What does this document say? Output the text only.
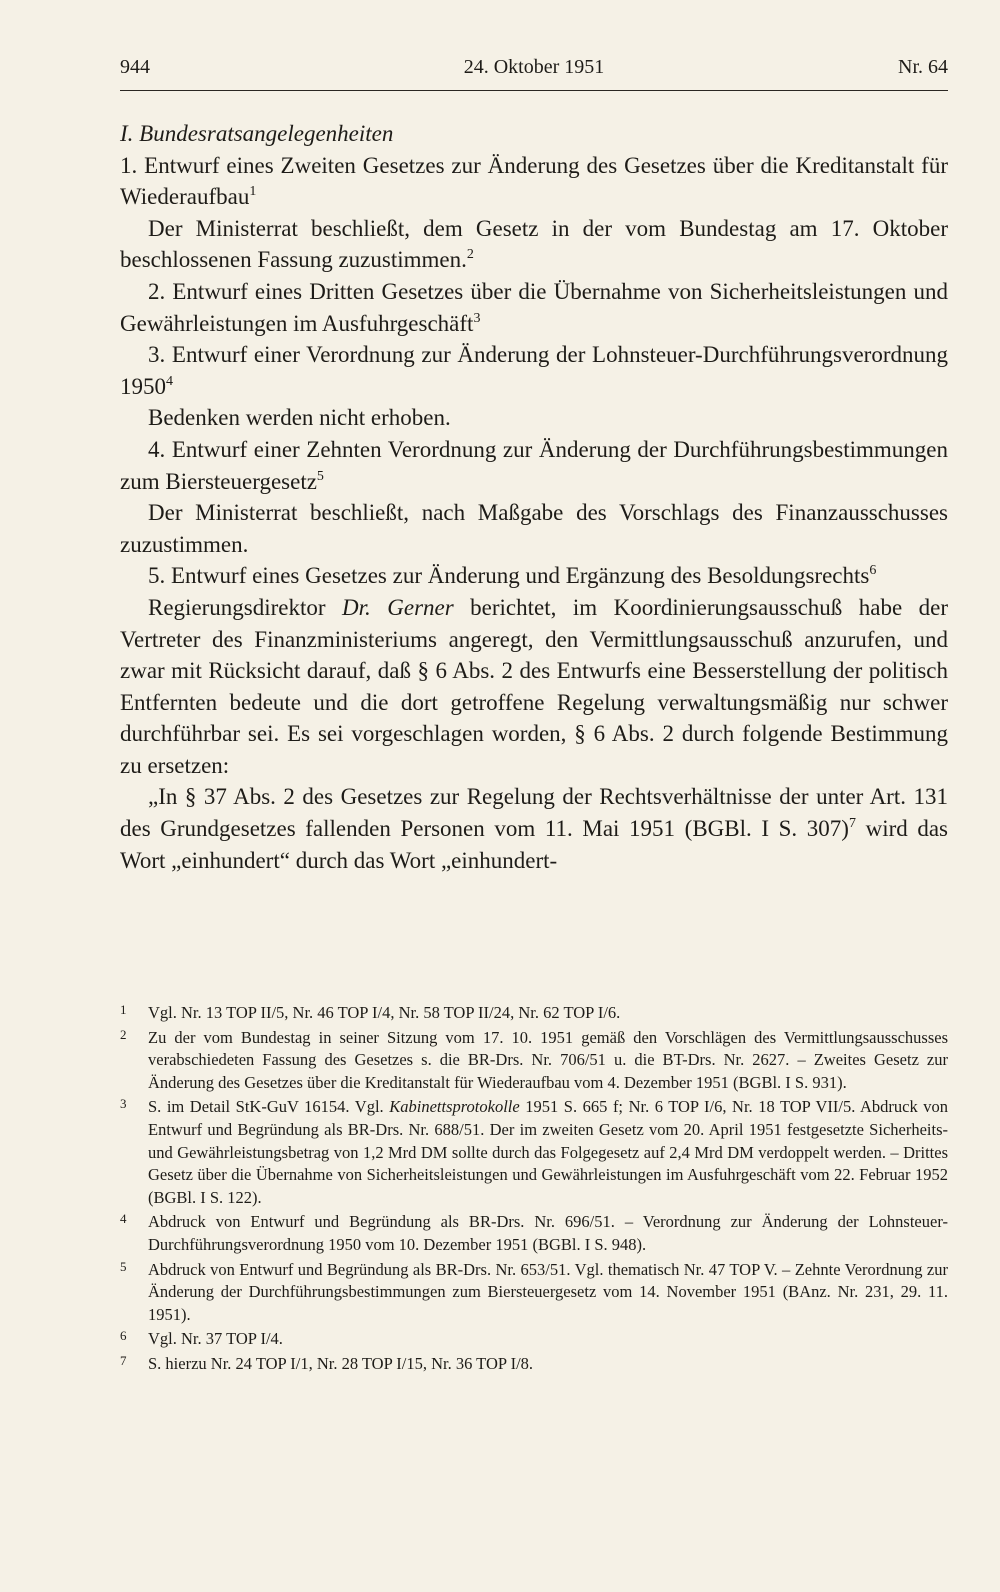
944	24. Oktober 1951	Nr. 64

I. Bundesratsangelegenheiten

1. Entwurf eines Zweiten Gesetzes zur Änderung des Gesetzes über die Kreditanstalt für Wiederaufbau$^1$

Der Ministerrat beschließt, dem Gesetz in der vom Bundestag am 17. Oktober beschlossenen Fassung zuzustimmen.$^2$

2. Entwurf eines Dritten Gesetzes über die Übernahme von Sicherheitsleistungen und Gewährleistungen im Ausfuhrgeschäft$^3$

3. Entwurf einer Verordnung zur Änderung der Lohnsteuer-Durchführungsverordnung 1950$^4$

Bedenken werden nicht erhoben.

4. Entwurf einer Zehnten Verordnung zur Änderung der Durchführungsbestimmungen zum Biersteuergesetz$^5$

Der Ministerrat beschließt, nach Maßgabe des Vorschlags des Finanzausschusses zuzustimmen.

5. Entwurf eines Gesetzes zur Änderung und Ergänzung des Besoldungsrechts$^6$

Regierungsdirektor Dr. Gerner berichtet, im Koordinierungsausschuß habe der Vertreter des Finanzministeriums angeregt, den Vermittlungsausschuß anzurufen, und zwar mit Rücksicht darauf, daß § 6 Abs. 2 des Entwurfs eine Besserstellung der politisch Entfernten bedeute und die dort getroffene Regelung verwaltungsmäßig nur schwer durchführbar sei. Es sei vorgeschlagen worden, § 6 Abs. 2 durch folgende Bestimmung zu ersetzen:

„In § 37 Abs. 2 des Gesetzes zur Regelung der Rechtsverhältnisse der unter Art. 131 des Grundgesetzes fallenden Personen vom 11. Mai 1951 (BGBl. I S. 307)$^7$ wird das Wort „einhundert“ durch das Wort „einhundert-

1 Vgl. Nr. 13 TOP II/5, Nr. 46 TOP I/4, Nr. 58 TOP II/24, Nr. 62 TOP I/6.
2 Zu der vom Bundestag in seiner Sitzung vom 17. 10. 1951 gemäß den Vorschlägen des Vermittlungsausschusses verabschiedeten Fassung des Gesetzes s. die BR-Drs. Nr. 706/51 u. die BT-Drs. Nr. 2627. – Zweites Gesetz zur Änderung des Gesetzes über die Kreditanstalt für Wiederaufbau vom 4. Dezember 1951 (BGBl. I S. 931).
3 S. im Detail StK-GuV 16154. Vgl. Kabinettsprotokolle 1951 S. 665 f; Nr. 6 TOP I/6, Nr. 18 TOP VII/5. Abdruck von Entwurf und Begründung als BR-Drs. Nr. 688/51. Der im zweiten Gesetz vom 20. April 1951 festgesetzte Sicherheits- und Gewährleistungsbetrag von 1,2 Mrd DM sollte durch das Folgegesetz auf 2,4 Mrd DM verdoppelt werden. – Drittes Gesetz über die Übernahme von Sicherheitsleistungen und Gewährleistungen im Ausfuhrgeschäft vom 22. Februar 1952 (BGBl. I S. 122).
4 Abdruck von Entwurf und Begründung als BR-Drs. Nr. 696/51. – Verordnung zur Änderung der Lohnsteuer-Durchführungsverordnung 1950 vom 10. Dezember 1951 (BGBl. I S. 948).
5 Abdruck von Entwurf und Begründung als BR-Drs. Nr. 653/51. Vgl. thematisch Nr. 47 TOP V. – Zehnte Verordnung zur Änderung der Durchführungsbestimmungen zum Biersteuergesetz vom 14. November 1951 (BAnz. Nr. 231, 29. 11. 1951).
6 Vgl. Nr. 37 TOP I/4.
7 S. hierzu Nr. 24 TOP I/1, Nr. 28 TOP I/15, Nr. 36 TOP I/8.
